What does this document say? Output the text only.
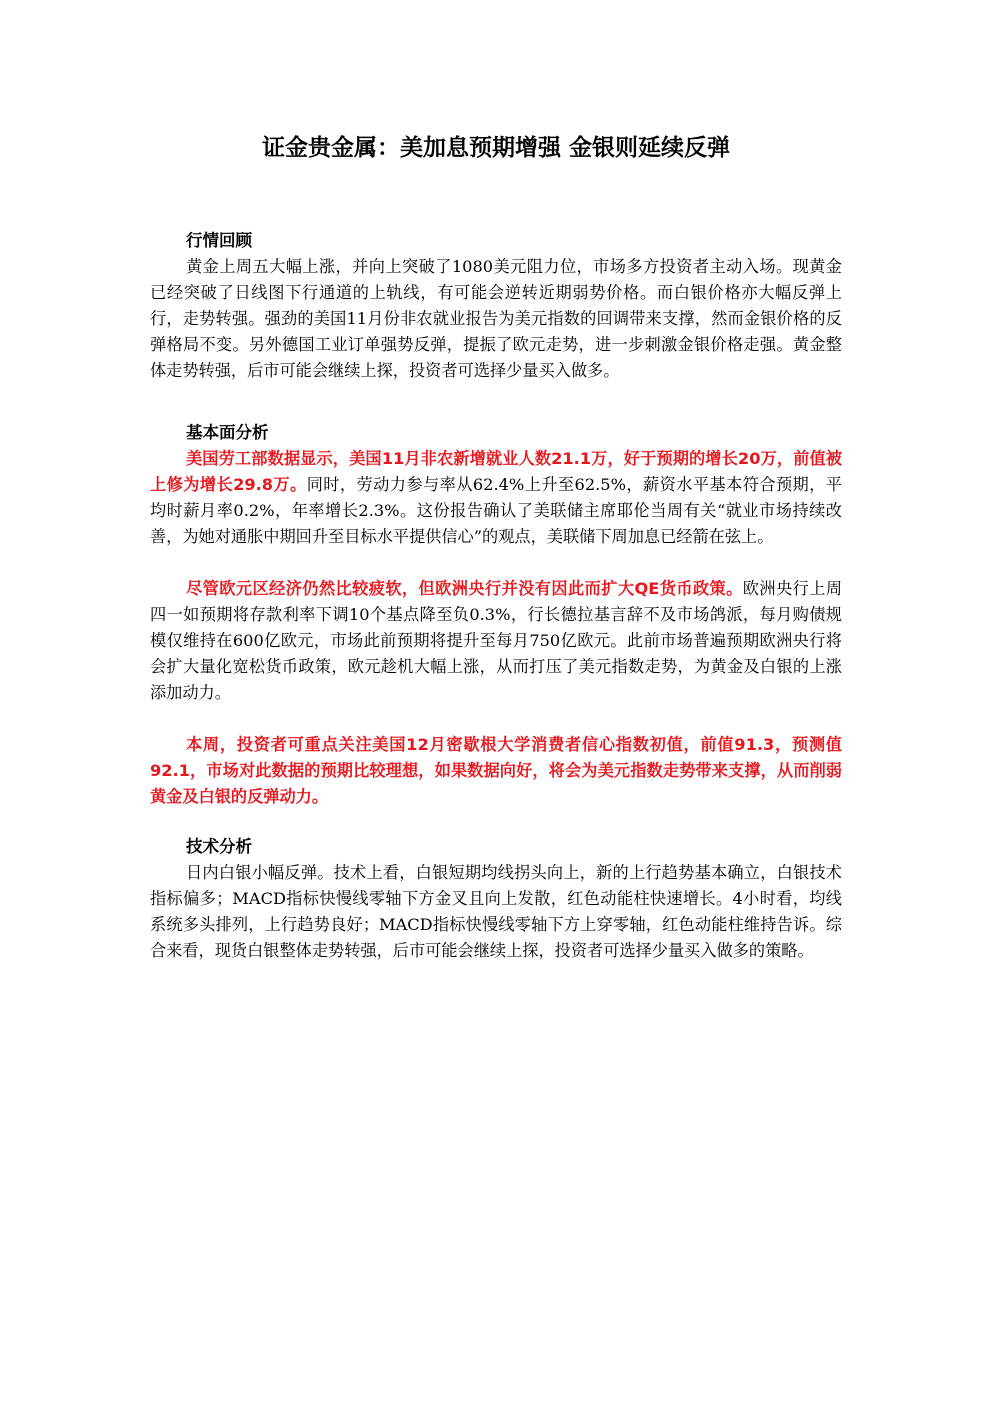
证金贵金属：美加息预期增强 金银则延续反弹

行情回顾

黄金上周五大幅上涨，并向上突破了1080美元阻力位，市场多方投资者主动入场。现黄金已经突破了日线图下行通道的上轨线，有可能会逆转近期弱势价格。而白银价格亦大幅反弹上行，走势转强。强劲的美国11月份非农就业报告为美元指数的回调带来支撑，然而金银价格的反弹格局不变。另外德国工业订单强势反弹，提振了欧元走势，进一步刺激金银价格走强。黄金整体走势转强，后市可能会继续上探，投资者可选择少量买入做多。

基本面分析

美国劳工部数据显示，美国11月非农新增就业人数21.1万，好于预期的增长20万，前值被上修为增长29.8万。同时，劳动力参与率从62.4%上升至62.5%，薪资水平基本符合预期，平均时薪月率0.2%，年率增长2.3%。这份报告确认了美联储主席耶伦当周有关“就业市场持续改善，为她对通胀中期回升至目标水平提供信心”的观点，美联储下周加息已经箭在弦上。

尽管欧元区经济仍然比较疲软，但欧洲央行并没有因此而扩大QE货币政策。欧洲央行上周四一如预期将存款利率下调10个基点降至负0.3%，行长德拉基言辞不及市场鸽派，每月购债规模仅维持在600亿欧元，市场此前预期将提升至每月750亿欧元。此前市场普遍预期欧洲央行将会扩大量化宽松货币政策，欧元趁机大幅上涨，从而打压了美元指数走势，为黄金及白银的上涨添加动力。

本周，投资者可重点关注美国12月密歇根大学消费者信心指数初值，前值91.3，预测值92.1，市场对此数据的预期比较理想，如果数据向好，将会为美元指数走势带来支撑，从而削弱黄金及白银的反弹动力。

技术分析

日内白银小幅反弹。技术上看，白银短期均线拐头向上，新的上行趋势基本确立，白银技术指标偏多；MACD指标快慢线零轴下方金叉且向上发散，红色动能柱快速增长。4小时看，均线系统多头排列，上行趋势良好；MACD指标快慢线零轴下方上穿零轴，红色动能柱维持告诉。综合来看，现货白银整体走势转强，后市可能会继续上探，投资者可选择少量买入做多的策略。
